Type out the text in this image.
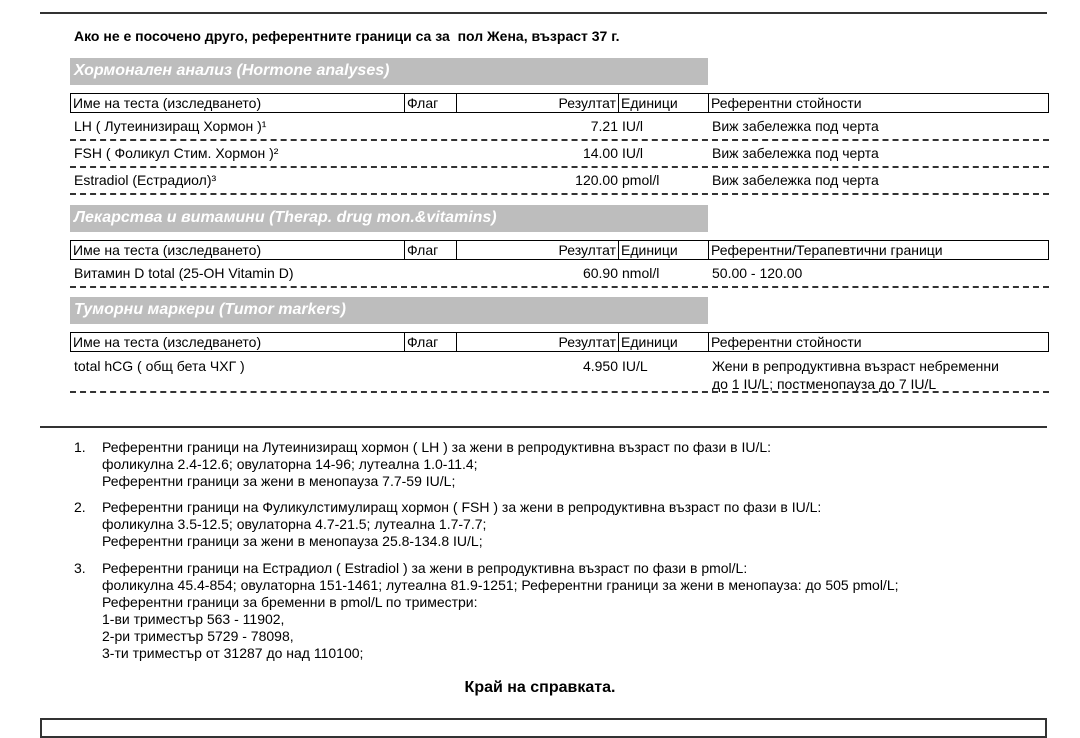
Ако не е посочено друго, референтните граници са за  пол Жена, възраст 37 г.
Хормонален анализ (Hormone analyses)
Име на теста (изследването)	Флаг	Резултат Единици	Референтни стойности
LH ( Лутеинизиращ Хормон )¹	7.21 IU/l	Виж забележка под черта
FSH ( Фоликул Стим. Хормон )²	14.00 IU/l	Виж забележка под черта
Estradiol (Естрадиол)³	120.00 pmol/l	Виж забележка под черта
Лекарства и витамини (Therap. drug mon.&vitamins)
Име на теста (изследването)	Флаг	Резултат Единици	Референтни/Терапевтични граници
Витамин D total (25-OH Vitamin D)	60.90 nmol/l	50.00 - 120.00
Туморни маркери (Tumor markers)
Име на теста (изследването)	Флаг	Резултат Единици	Референтни стойности
total hCG ( общ бета ЧХГ )	4.950 IU/L	Жени в репродуктивна възраст небременни
до 1 IU/L; постменопауза до 7 IU/L
1. Референтни граници на Лутеинизиращ хормон ( LH ) за жени в репродуктивна възраст по фази в IU/L:
фоликулна 2.4-12.6; овулаторна 14-96; лутеална 1.0-11.4;
Референтни граници за жени в менопауза 7.7-59 IU/L;
2. Референтни граници на Фуликулстимулиращ хормон ( FSH ) за жени в репродуктивна възраст по фази в IU/L:
фоликулна 3.5-12.5; овулаторна 4.7-21.5; лутеална 1.7-7.7;
Референтни граници за жени в менопауза 25.8-134.8 IU/L;
3. Референтни граници на Естрадиол ( Estradiol ) за жени в репродуктивна възраст по фази в pmol/L:
фоликулна 45.4-854; овулаторна 151-1461; лутеална 81.9-1251; Референтни граници за жени в менопауза: до 505 pmol/L;
Референтни граници за бременни в pmol/L по триместри:
1-ви триместър 563 - 11902,
2-ри триместър 5729 - 78098,
3-ти триместър от 31287 до над 110100;
Край на справката.
